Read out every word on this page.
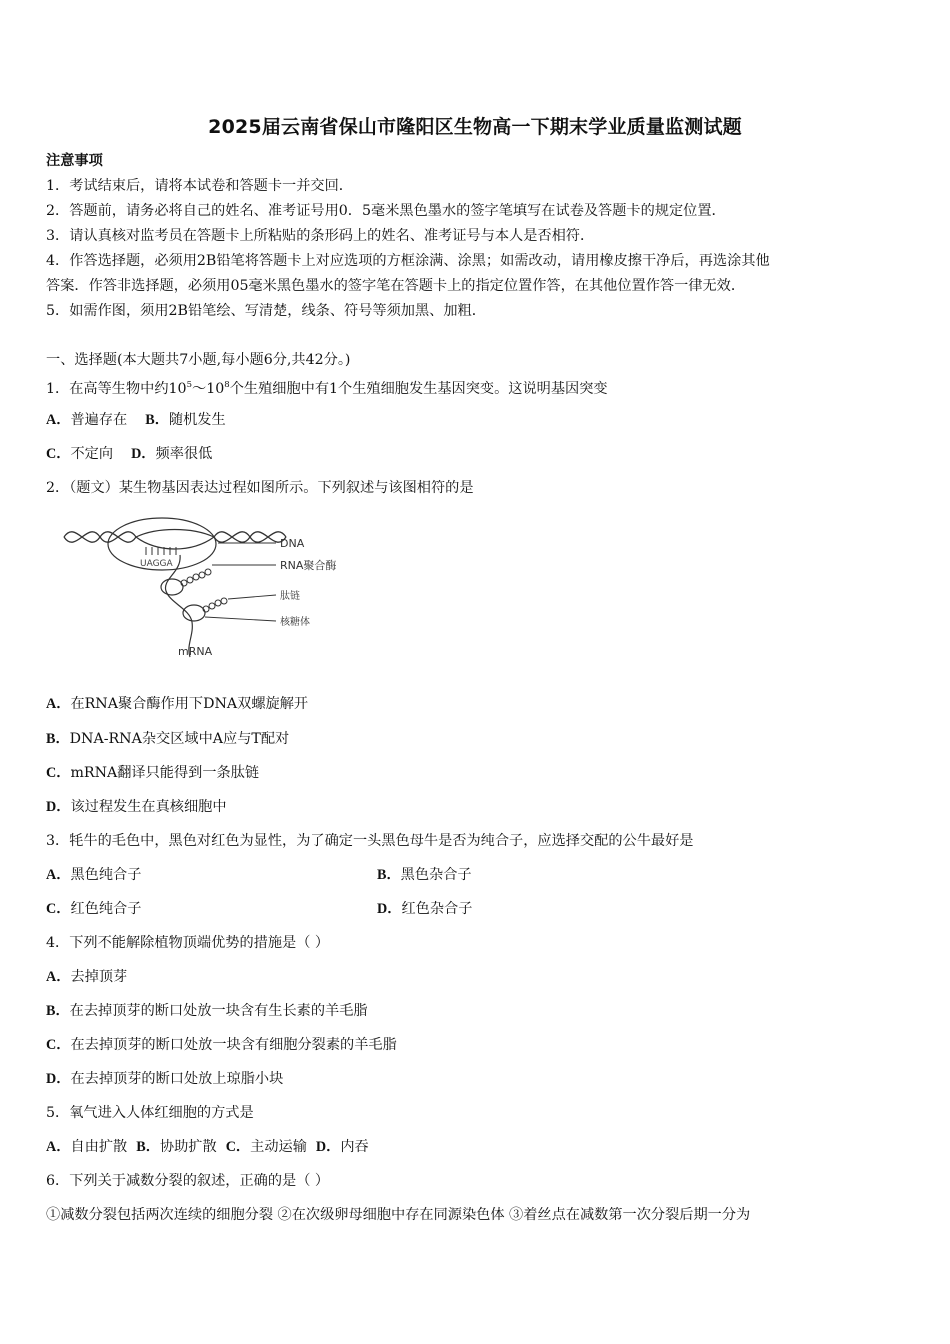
2025届云南省保山市隆阳区生物高一下期末学业质量监测试题
注意事项
1．考试结束后，请将本试卷和答题卡一并交回．
2．答题前，请务必将自己的姓名、准考证号用0．5毫米黑色墨水的签字笔填写在试卷及答题卡的规定位置．
3．请认真核对监考员在答题卡上所粘贴的条形码上的姓名、准考证号与本人是否相符．
4．作答选择题，必须用2B铅笔将答题卡上对应选项的方框涂满、涂黑；如需改动，请用橡皮擦干净后，再选涂其他
答案．作答非选择题，必须用05毫米黑色墨水的签字笔在答题卡上的指定位置作答，在其他位置作答一律无效．
5．如需作图，须用2B铅笔绘、写清楚，线条、符号等须加黑、加粗．
一、选择题(本大题共7小题,每小题6分,共42分。)
1．在高等生物中约$10^5\sim 10^8$个生殖细胞中有1个生殖细胞发生基因突变。这说明基因突变
A．普遍存在 B．随机发生
C．不定向 D．频率很低
2．（题文）某生物基因表达过程如图所示。下列叙述与该图相符的是
UAGGA
DNA
RNA聚合酶
肽链
核糖体
mRNA
A．在RNA聚合酶作用下DNA双螺旋解开
B．DNA-RNA杂交区域中A应与T配对
C．mRNA翻译只能得到一条肽链
D．该过程发生在真核细胞中
3．牦牛的毛色中，黑色对红色为显性，为了确定一头黑色母牛是否为纯合子，应选择交配的公牛最好是
A．黑色纯合子	B．黑色杂合子
C．红色纯合子	D．红色杂合子
4．下列不能解除植物顶端优势的措施是（ ）
A．去掉顶芽
B．在去掉顶芽的断口处放一块含有生长素的羊毛脂
C．在去掉顶芽的断口处放一块含有细胞分裂素的羊毛脂
D．在去掉顶芽的断口处放上琼脂小块
5．氧气进入人体红细胞的方式是
A．自由扩散 B．协助扩散 C．主动运输 D．内吞
6．下列关于减数分裂的叙述，正确的是（ ）
①减数分裂包括两次连续的细胞分裂 ②在次级卵母细胞中存在同源染色体 ③着丝点在减数第一次分裂后期一分为
